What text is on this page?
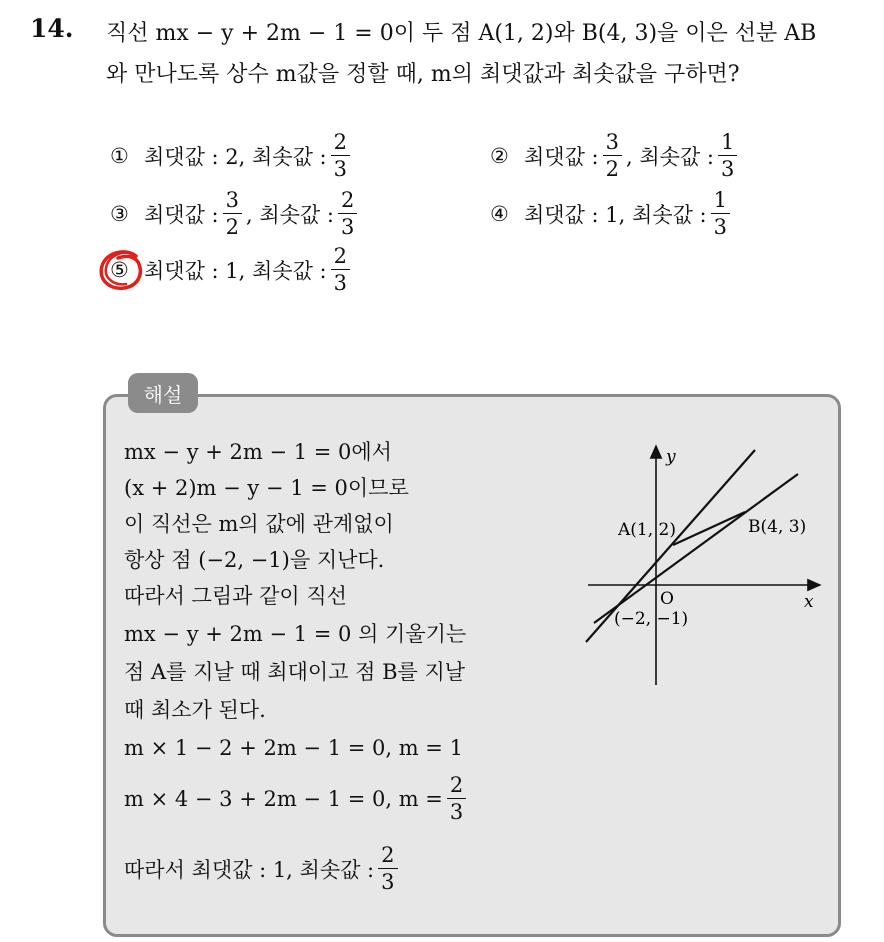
14. 직선 mx − y + 2m − 1 = 0이 두 점 A(1, 2)와 B(4, 3)을 이은 선분 AB
와 만나도록 상수 m값을 정할 때, m의 최댓값과 최솟값을 구하면?
① 최댓값 : 2, 최솟값 : $\frac{2}{3}$	② 최댓값 : $\frac{3}{2}$ , 최솟값 : $\frac{1}{3}$
③ 최댓값 : $\frac{3}{2}$ , 최솟값 : $\frac{2}{3}$	④ 최댓값 : 1, 최솟값 : $\frac{1}{3}$
⑤ 최댓값 : 1, 최솟값 : $\frac{2}{3}$
해설
mx − y + 2m − 1 = 0에서
(x + 2)m − y − 1 = 0이므로
이 직선은 m의 값에 관계없이
항상 점 (−2, −1)을 지난다.
따라서 그림과 같이 직선
mx − y + 2m − 1 = 0 의 기울기는
점 A를 지날 때 최대이고 점 B를 지날
때 최소가 된다.
m × 1 − 2 + 2m − 1 = 0, m = 1
m × 4 − 3 + 2m − 1 = 0, $m = \frac{2}{3}$
따라서 최댓값 : 1, 최솟값 : $\frac{2}{3}$
y
x
O
A(1, 2)	B(4, 3)
(−2, −1)
